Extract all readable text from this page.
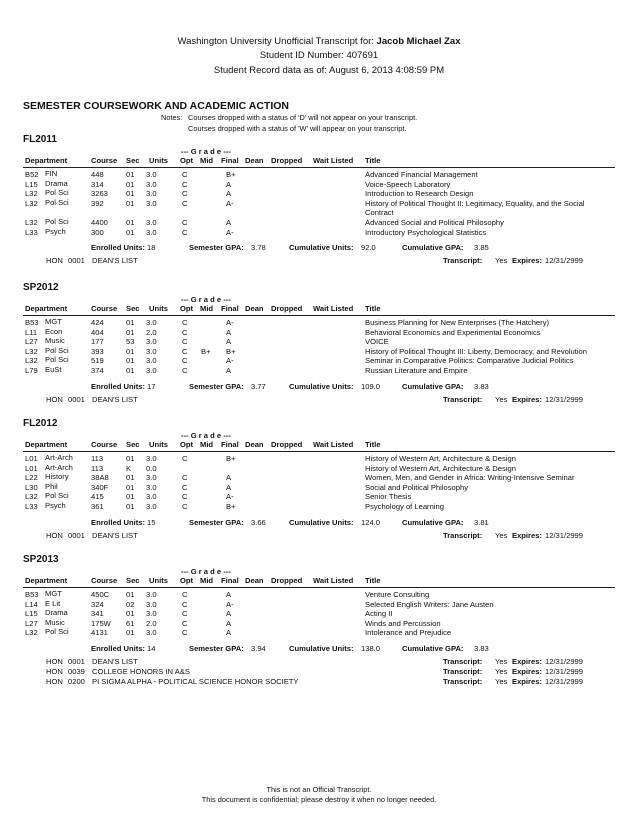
Washington University Unofficial Transcript for: Jacob Michael Zax
Student ID Number: 407691
Student Record data as of: August 6, 2013 4:08:59 PM
SEMESTER COURSEWORK AND ACADEMIC ACTION
Notes: Courses dropped with a status of 'D' will not appear on your transcript.
Courses dropped with a status of 'W' will appear on your transcript.
FL2011
--- G r a d e ---
Department	Course Sec Units Opt Mid Final Dean Dropped Wait Listed Title
B52 FIN	448	01 3.0	C	B+	Advanced Financial Management
L15 Drama	314	01 3.0	C	A	Voice-Speech Laboratory
L32 Pol Sci	3263 01 3.0	C	A	Introduction to Research Design
L32 Pol Sci	392	01 3.0	C	A-	History of Political Thought II: Legitimacy, Equality, and the Social
Contract
L32 Pol Sci	4400 01 3.0	C	A	Advanced Social and Political Philosophy
L33 Psych	300	01 3.0	C	A-	Introductory Psychological Statistics
Enrolled Units: 18	Semester GPA: 3.78	Cumulative Units: 92.0	Cumulative GPA: 3.85
HON 0001 DEAN'S LIST	Transcript: Yes Expires: 12/31/2999
SP2012
--- G r a d e ---
Department	Course Sec Units Opt Mid Final Dean Dropped Wait Listed Title
B53 MGT	424	01 3.0	C	A-	Business Planning for New Enterprises (The Hatchery)
L11 Econ	404	01 2.0	C	A	Behavioral Economics and Experimental Economics
L27 Music	177	53 3.0	C	A	VOICE
L32 Pol Sci	393	01 3.0	C B+ B+	History of Political Thought III: Liberty, Democracy, and Revolution
L32 Pol Sci	519	01 3.0	C	A-	Seminar in Comparative Politics: Comparative Judicial Politics
L79 EuSt	374	01 3.0	C	A	Russian Literature and Empire
Enrolled Units: 17	Semester GPA: 3.77	Cumulative Units: 109.0	Cumulative GPA: 3.83
HON 0001 DEAN'S LIST	Transcript: Yes Expires: 12/31/2999
FL2012
--- G r a d e ---
Department	Course Sec Units Opt Mid Final Dean Dropped Wait Listed Title
L01 Art-Arch 113	01 3.0	C	B+	History of Western Art, Architecture & Design
L01 Art-Arch 113	K 0.0	History of Western Art, Architecture & Design
L22 History	38A8 01 3.0	C	A	Women, Men, and Gender in Africa: Writing-Intensive Seminar
L30 Phil	340F 01 3.0	C	A	Social and Political Philosophy
L32 Pol Sci	415	01 3.0	C	A-	Senior Thesis
L33 Psych	361	01 3.0	C	B+	Psychology of Learning
Enrolled Units: 15	Semester GPA: 3.66	Cumulative Units: 124.0	Cumulative GPA: 3.81
HON 0001 DEAN'S LIST	Transcript: Yes Expires: 12/31/2999
SP2013
--- G r a d e ---
Department	Course Sec Units Opt Mid Final Dean Dropped Wait Listed Title
B53 MGT	450C 01 3.0	C	A	Venture Consulting
L14 E Lit	324	02 3.0	C	A-	Selected English Writers: Jane Austen
L15 Drama	341	01 3.0	C	A	Acting II
L27 Music	175W 61 2.0	C	A	Winds and Percussion
L32 Pol Sci	4131 01 3.0	C	A	Intolerance and Prejudice
Enrolled Units: 14	Semester GPA: 3.94	Cumulative Units: 138.0	Cumulative GPA: 3.83
HON 0001 DEAN'S LIST	Transcript: Yes Expires: 12/31/2999
HON 0039 COLLEGE HONORS IN A&S	Transcript: Yes Expires: 12/31/2999
HON 0200 PI SIGMA ALPHA - POLITICAL SCIENCE HONOR SOCIETY	Transcript: Yes Expires: 12/31/2999
This is not an Official Transcript.
This document is confidential; please destroy it when no longer needed.
